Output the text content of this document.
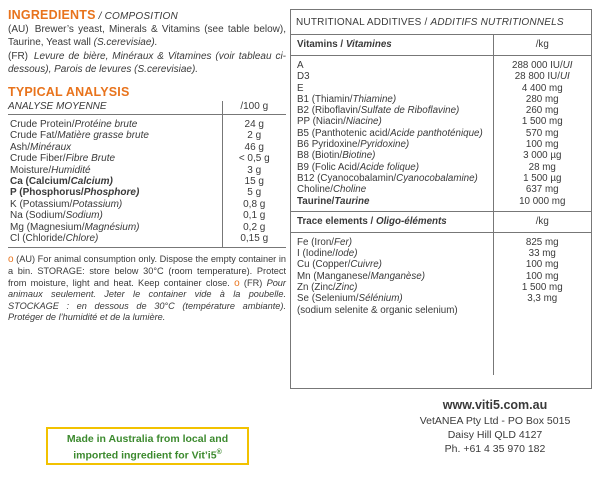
INGREDIENTS / COMPOSITION

(AU) Brewer’s yeast, Minerals & Vitamins (see table below), Taurine, Yeast wall (S.cerevisiae).

(FR) Levure de bière, Minéraux & Vitamines (voir tableau ci-dessous), Parois de levures (S.cerevisiae).

TYPICAL ANALYSIS
ANALYSE MOYENNE	/100 g
Crude Protein/Protéine brute	24 g
Crude Fat/Matière grasse brute	2 g
Ash/Minéraux	46 g
Crude Fiber/Fibre Brute	< 0,5 g
Moisture/Humidité	3 g
Ca (Calcium/Calcium)	15 g
P (Phosphorus/Phosphore)	5 g
K (Potassium/Potassium)	0,8 g
Na (Sodium/Sodium)	0,1 g
Mg (Magnesium/Magnésium)	0,2 g
Cl (Chloride/Chlore)	0,15 g
o (AU) For animal consumption only. Dispose the empty container in a bin. STORAGE: store below 30°C (room temperature). Protect from moisture, light and heat. Keep container close. o (FR) Pour animaux seulement. Jeter le container vide à la poubelle. STOCKAGE : en dessous de 30°C (température ambiante). Protéger de l’humidité et de la lumière.
Made in Australia from local and
imported ingredient for Vit’i5®
NUTRITIONAL ADDITIVES / ADDITIFS NUTRITIONNELS
Vitamins / Vitamines	/kg
A	288 000 IU/UI
D3	28 800 IU/UI
E	4 400 mg
B1 (Thiamin/Thiamine)	280 mg
B2 (Riboflavin/Sulfate de Riboflavine)	260 mg
PP (Niacin/Niacine)	1 500 mg
B5 (Panthotenic acid/Acide panthoténique)	570 mg
B6 Pyridoxine/Pyridoxine)	100 mg
B8 (Biotin/Biotine)	3 000 µg
B9 (Folic Acid/Acide folique)	28 mg
B12 (Cyanocobalamin/Cyanocobalamine)	1 500 µg
Choline/Choline	637 mg
Taurine/Taurine	10 000 mg
Trace elements / Oligo-éléments	/kg
Fe (Iron/Fer)	825 mg
I (Iodine/Iode)	33 mg
Cu (Copper/Cuivre)	100 mg
Mn (Manganese/Manganèse)	100 mg
Zn (Zinc/Zinc)	1 500 mg
Se (Selenium/Sélénium)	3,3 mg
(sodium selenite & organic selenium)	
www.viti5.com.au
VetANEA Pty Ltd - PO Box 5015
Daisy Hill QLD 4127
Ph. +61 4 35 970 182
